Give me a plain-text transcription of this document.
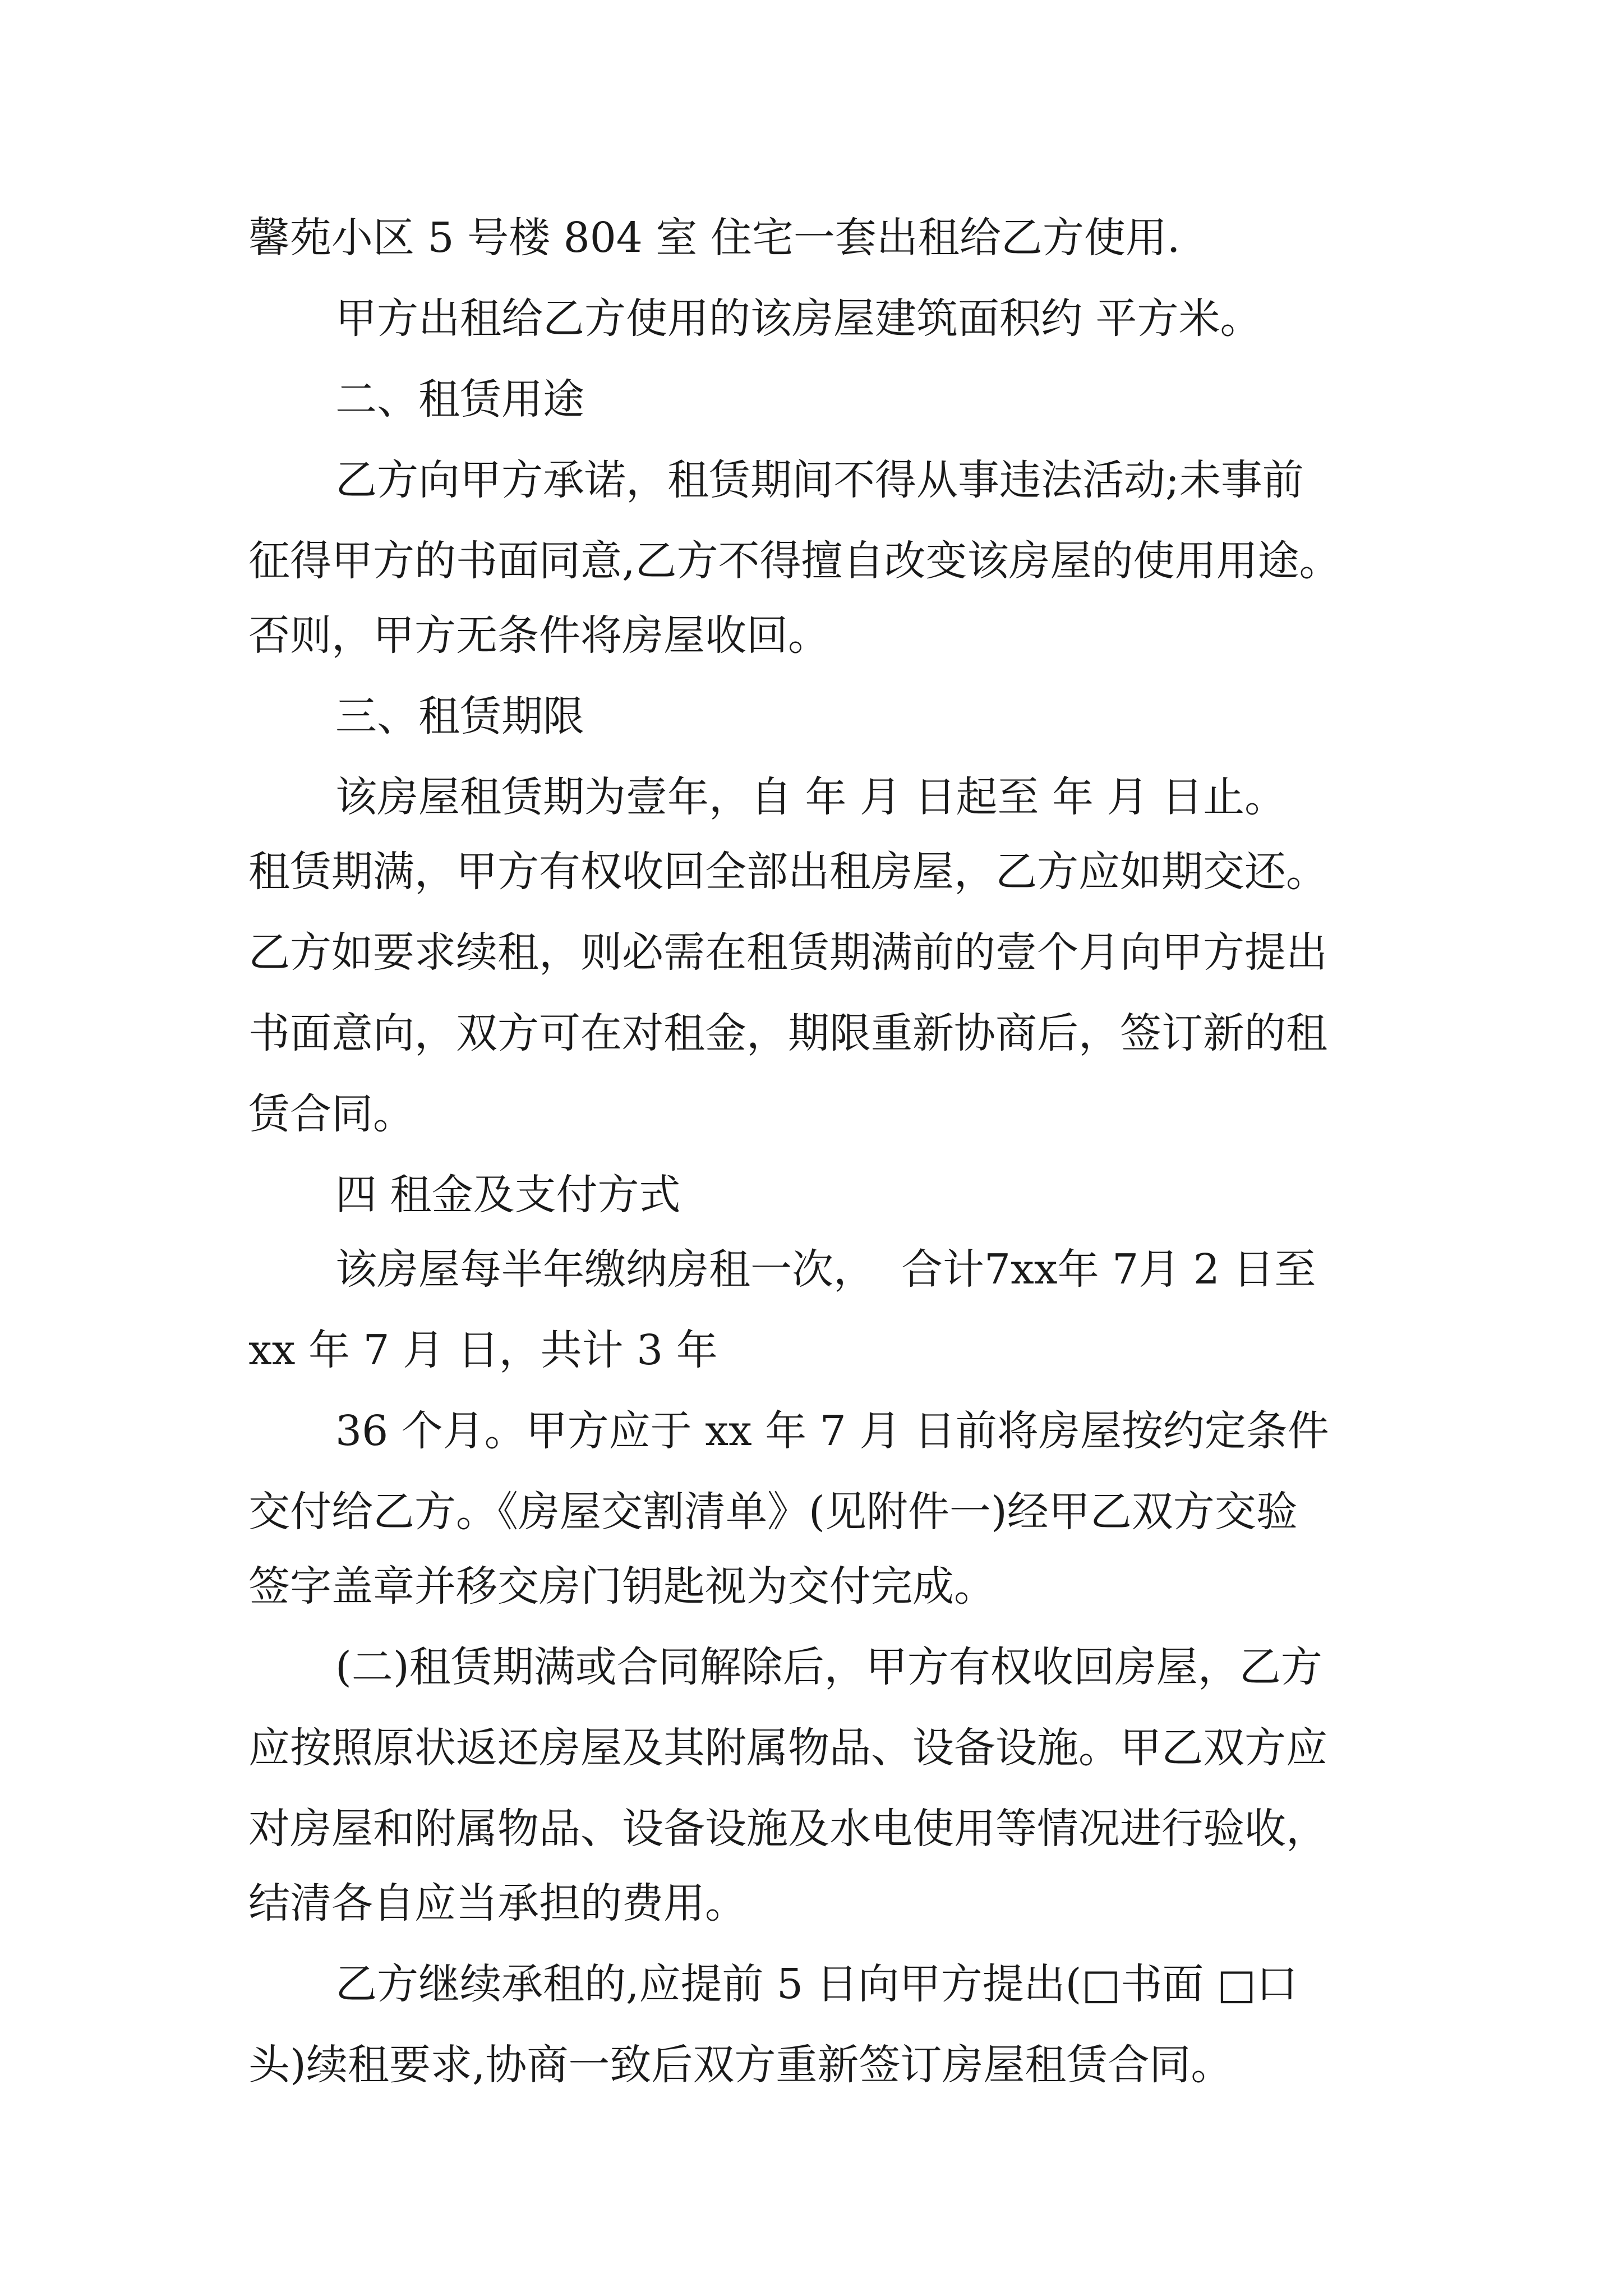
馨苑小区 5 号楼 804 室 住宅一套出租给乙方使用.

甲方出租给乙方使用的该房屋建筑面积约 平方米。

二、租赁用途

乙方向甲方承诺，租赁期间不得从事违法活动;未事前

征得甲方的书面同意,乙方不得擅自改变该房屋的使用用途。

否则，甲方无条件将房屋收回。

三、租赁期限

该房屋租赁期为壹年，自 年 月 日起至 年 月 日止。

租赁期满，甲方有权收回全部出租房屋，乙方应如期交还。

乙方如要求续租，则必需在租赁期满前的壹个月向甲方提出

书面意向，双方可在对租金，期限重新协商后，签订新的租

赁合同。

四 租金及支付方式

该房屋每半年缴纳房租一次，  合计7xx年 7月 2 日至

xx 年 7 月 日，共计 3 年

36 个月。甲方应于 xx 年 7 月 日前将房屋按约定条件

交付给乙方。《房屋交割清单》(见附件一)经甲乙双方交验

签字盖章并移交房门钥匙视为交付完成。

(二)租赁期满或合同解除后，甲方有权收回房屋，乙方

应按照原状返还房屋及其附属物品、设备设施。甲乙双方应

对房屋和附属物品、设备设施及水电使用等情况进行验收，

结清各自应当承担的费用。

乙方继续承租的,应提前 5 日向甲方提出(□书面 □口

头)续租要求,协商一致后双方重新签订房屋租赁合同。
